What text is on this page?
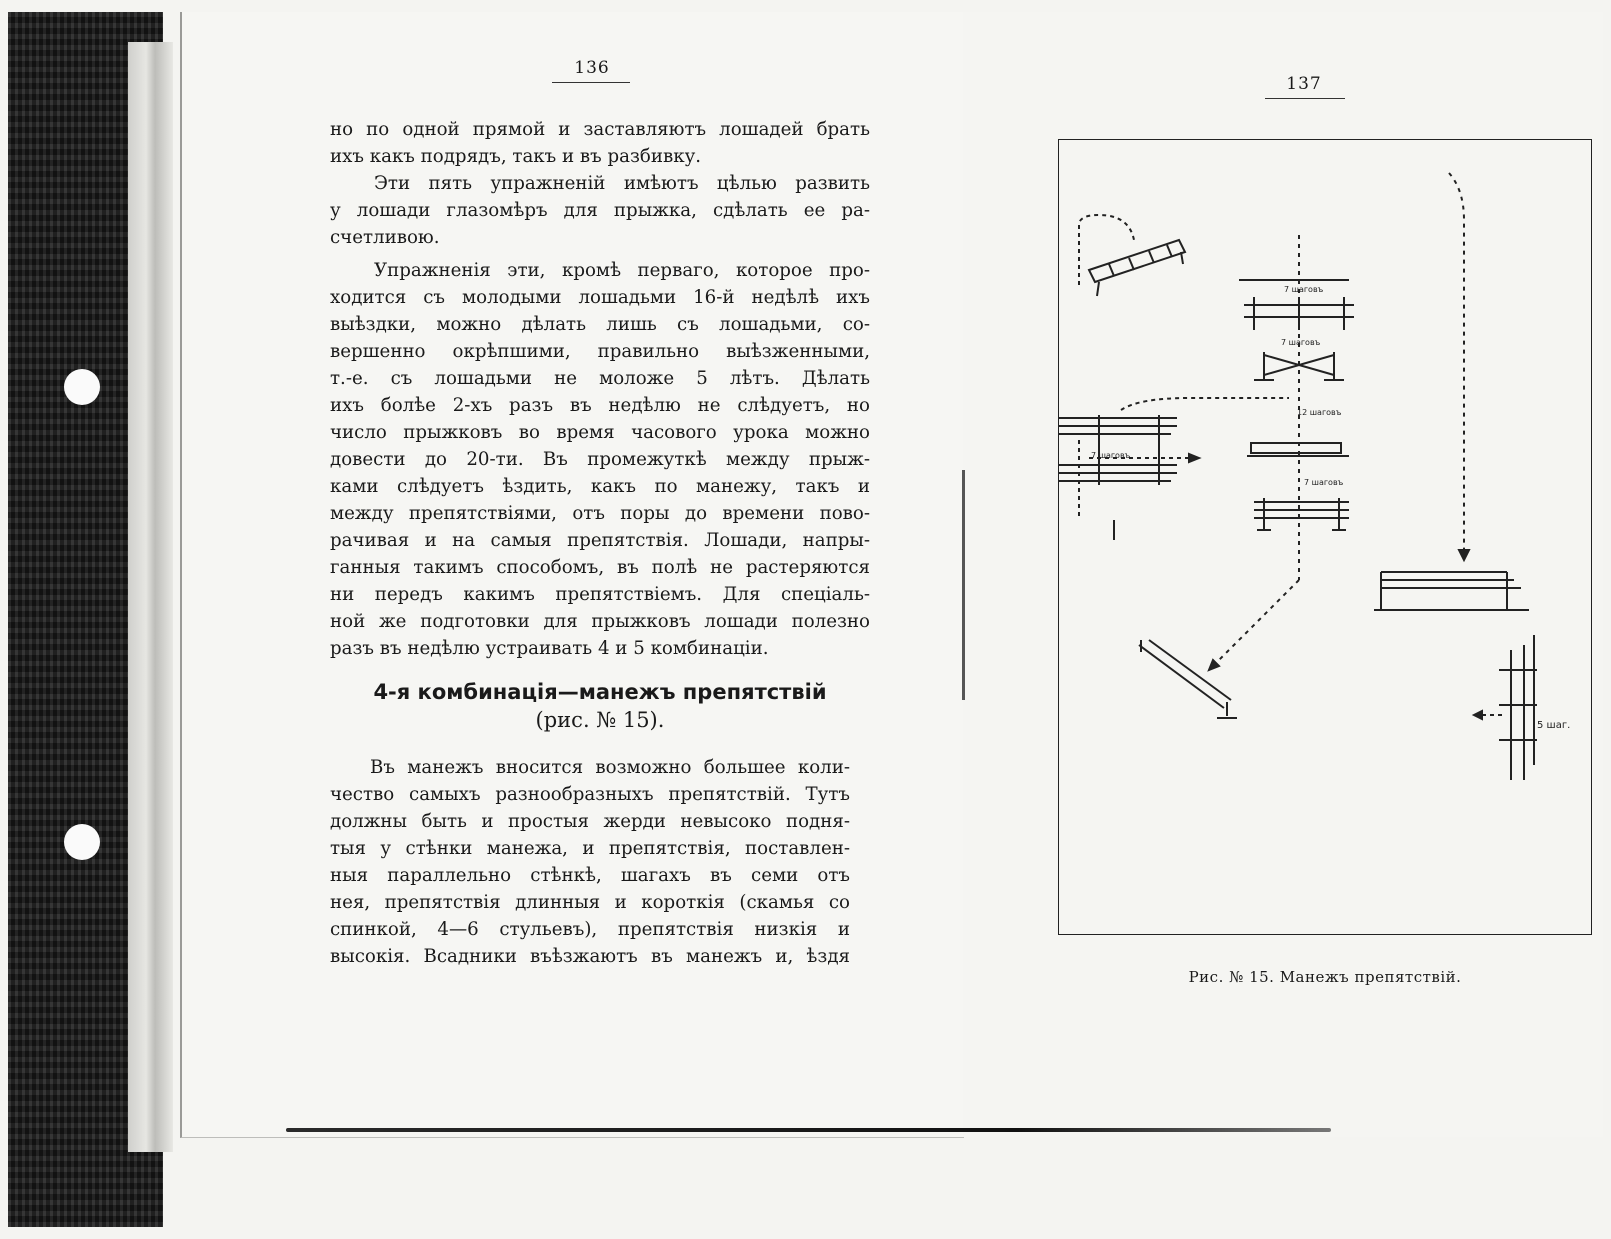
136
137

но по одной прямой и заставляютъ лошадей брать
ихъ какъ подрядъ, такъ и въ разбивку.

Эти пять упражненій имѣютъ цѣлью развить
у лошади глазомѣръ для прыжка, сдѣлать ее ра-
счетливою.

Упражненія эти, кромѣ перваго, которое про-
ходится съ молодыми лошадьми 16-й недѣлѣ ихъ
выѣздки, можно дѣлать лишь съ лошадьми, со-
вершенно окрѣпшими, правильно выѣзженными,
т.-е. съ лошадьми не моложе 5 лѣтъ. Дѣлать
ихъ болѣе 2-хъ разъ въ недѣлю не слѣдуетъ, но
число прыжковъ во время часового урока можно
довести до 20-ти. Въ промежуткѣ между прыж-
ками слѣдуетъ ѣздить, какъ по манежу, такъ и
между препятствіями, отъ поры до времени пово-
рачивая и на самыя препятствія. Лошади, напры-
ганныя такимъ способомъ, въ полѣ не растеряются
ни передъ какимъ препятствіемъ. Для спеціаль-
ной же подготовки для прыжковъ лошади полезно
разъ въ недѣлю устраивать 4 и 5 комбинаціи.

4-я комбинація—манежъ препятствій
(рис. № 15).
Въ манежъ вносится возможно большее коли-
чество самыхъ разнообразныхъ препятствій. Тутъ
должны быть и простыя жерди невысоко подня-
тыя у стѣнки манежа, и препятствія, поставлен-
ныя параллельно стѣнкѣ, шагахъ въ семи отъ
нея, препятствія длинныя и короткія (скамья со
спинкой, 4—6 стульевъ), препятствія низкія и
высокія. Всадники въѣзжаютъ въ манежъ и, ѣздя
7 шаговъ
7 шаговъ
12 шаговъ
7 шаговъ
7 шаговъ
5 шаг.
Рис. № 15. Манежъ препятствій.
